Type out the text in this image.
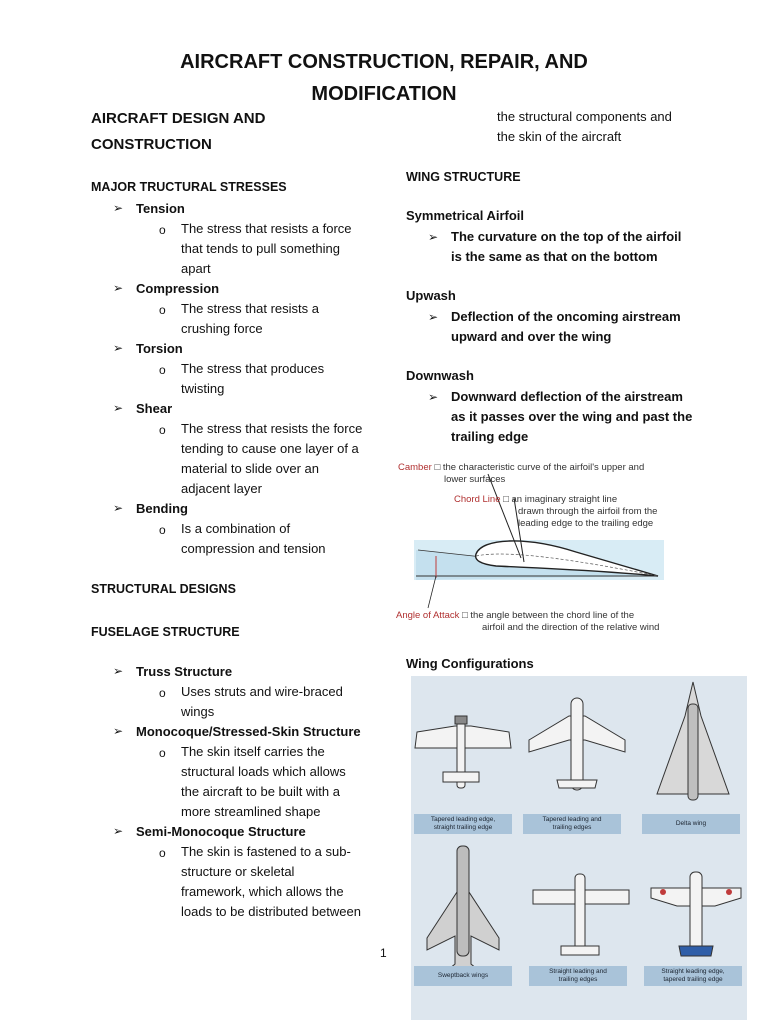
AIRCRAFT CONSTRUCTION, REPAIR, AND
MODIFICATION
AIRCRAFT DESIGN AND
CONSTRUCTION
MAJOR TRUCTURAL STRESSES
➢ Tension
o The stress that resists a force
that tends to pull something
apart
➢ Compression
o The stress that resists a
crushing force
➢ Torsion
o The stress that produces
twisting
➢ Shear
o The stress that resists the force
tending to cause one layer of a
material to slide over an
adjacent layer
➢ Bending
o Is a combination of
compression and tension
STRUCTURAL DESIGNS
FUSELAGE STRUCTURE
➢ Truss Structure
o Uses struts and wire-braced
wings
➢ Monocoque/Stressed-Skin Structure
o The skin itself carries the
structural loads which allows
the aircraft to be built with a
more streamlined shape
➢ Semi-Monocoque Structure
o The skin is fastened to a sub-
structure or skeletal
framework, which allows the
loads to be distributed between
the structural components and
the skin of the aircraft
WING STRUCTURE
Symmetrical Airfoil
➢ The curvature on the top of the airfoil
is the same as that on the bottom
Upwash
➢ Deflection of the oncoming airstream
upward and over the wing
Downwash
➢ Downward deflection of the airstream
as it passes over the wing and past the
trailing edge
Camber □ the characteristic curve of the airfoil's upper and
lower surfaces
Chord Line □ an imaginary straight line
drawn through the airfoil from the
leading edge to the trailing edge
Angle of Attack □ the angle between the chord line of the
airfoil and the direction of the relative wind
Wing Configurations
Tapered leading edge,
straight trailing edge
Tapered leading and
trailing edges
Delta wing
Sweptback wings
Straight leading and
trailing edges
Straight leading edge,
tapered trailing edge
1
